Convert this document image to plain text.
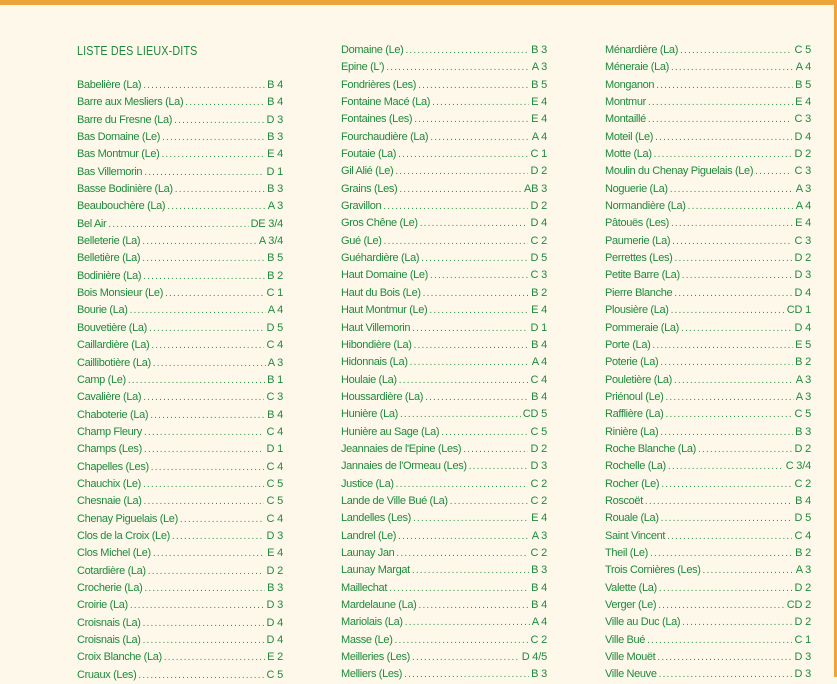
LISTE DES LIEUX-DITS
Babelière (La) .....	B 4
Barre aux Mesliers (La) .....	B 4
Barre du Fresne (La) .....	D 3
Bas Domaine (Le) .....	B 3
Bas Montmur (Le) .....	E 4
Bas Villemorin .....	D 1
Basse Bodinière (La) .....	B 3
Beaubouchère (La) .....	A 3
Bel Air .....	DE 3/4
Belleterie (La) .....	A 3/4
Belletière (La) .....	B 5
Bodinière (La) .....	B 2
Bois Monsieur (Le) .....	C 1
Bourie (La) .....	A 4
Bouvetière (La) .....	D 5
Caillardière (La) .....	C 4
Caillibotière (La) .....	A 3
Camp (Le) .....	B 1
Cavalière (La) .....	C 3
Chaboterie (La) .....	B 4
Champ Fleury .....	C 4
Champs (Les) .....	D 1
Chapelles (Les) .....	C 4
Chauchix (Le) .....	C 5
Chesnaie (La) .....	C 5
Chenay Piguelais (Le) .....	C 4
Clos de la Croix (Le) .....	D 3
Clos Michel (Le) .....	E 4
Cotardière (La) .....	D 2
Crocherie (La) .....	B 3
Croirie (La) .....	D 3
Croisnais (La) .....	D 4
Croisnais (La) .....	D 4
Croix Blanche (La) .....	E 2
Cruaux (Les) .....	C 5
Domaine (Le) .....	B 3
Epine (L') .....	A 3
Fondrières (Les) .....	B 5
Fontaine Macé (La) .....	E 4
Fontaines (Les) .....	E 4
Fourchaudière (La) .....	A 4
Foutaie (La) .....	C 1
Gil Alié (Le) .....	D 2
Grains (Les) .....	AB 3
Gravillon .....	D 2
Gros Chêne (Le) .....	D 4
Gué (Le) .....	C 2
Guéhardière (La) .....	D 5
Haut Domaine (Le) .....	C 3
Haut du Bois (Le) .....	B 2
Haut Montmur (Le) .....	E 4
Haut Villemorin .....	D 1
Hibondière (La) .....	B 4
Hidonnais (La) .....	A 4
Houlaie (La) .....	C 4
Houssardière (La) .....	B 4
Hunière (La) .....	CD 5
Hunière au Sage (La) .....	C 5
Jeannaies de l'Epine (Les) .....	D 2
Jannaies de l'Ormeau (Les) .....	D 3
Justice (La) .....	C 2
Lande de Ville Bué (La) .....	C 2
Landelles (Les) .....	E 4
Landrel (Le) .....	A 3
Launay Jan .....	C 2
Launay Margat .....	B 3
Maillechat .....	B 4
Mardelaune (La) .....	B 4
Mariolais (La) .....	A 4
Masse (Le) .....	C 2
Meilleries (Les) .....	D 4/5
Melliers (Les) .....	B 3
Ménardière (La) .....	C 5
Méneraie (La) .....	A 4
Monganon .....	B 5
Montmur .....	E 4
Montaillé .....	C 3
Moteil (Le) .....	D 4
Motte (La) .....	D 2
Moulin du Chenay Piguelais (Le) .....	C 3
Noguerie (La) .....	A 3
Normandière (La) .....	A 4
Pâtouës (Les) .....	E 4
Paumerie (La) .....	C 3
Perrettes (Les) .....	D 2
Petite Barre (La) .....	D 3
Pierre Blanche .....	D 4
Plousière (La) .....	CD 1
Pommeraie (La) .....	D 4
Porte (La) .....	E 5
Poterie (La) .....	B 2
Pouletière (La) .....	A 3
Priénoul (Le) .....	A 3
Rafflière (La) .....	C 5
Rinière (La) .....	B 3
Roche Blanche (La) .....	D 2
Rochelle (La) .....	C 3/4
Rocher (Le) .....	C 2
Roscoët .....	B 4
Rouale (La) .....	D 5
Saint Vincent .....	C 4
Theil (Le) .....	B 2
Trois Cornières (Les) .....	A 3
Valette (La) .....	D 2
Verger (Le) .....	CD 2
Ville au Duc (La) .....	D 2
Ville Bué .....	C 1
Ville Mouët .....	D 3
Ville Neuve .....	D 3
